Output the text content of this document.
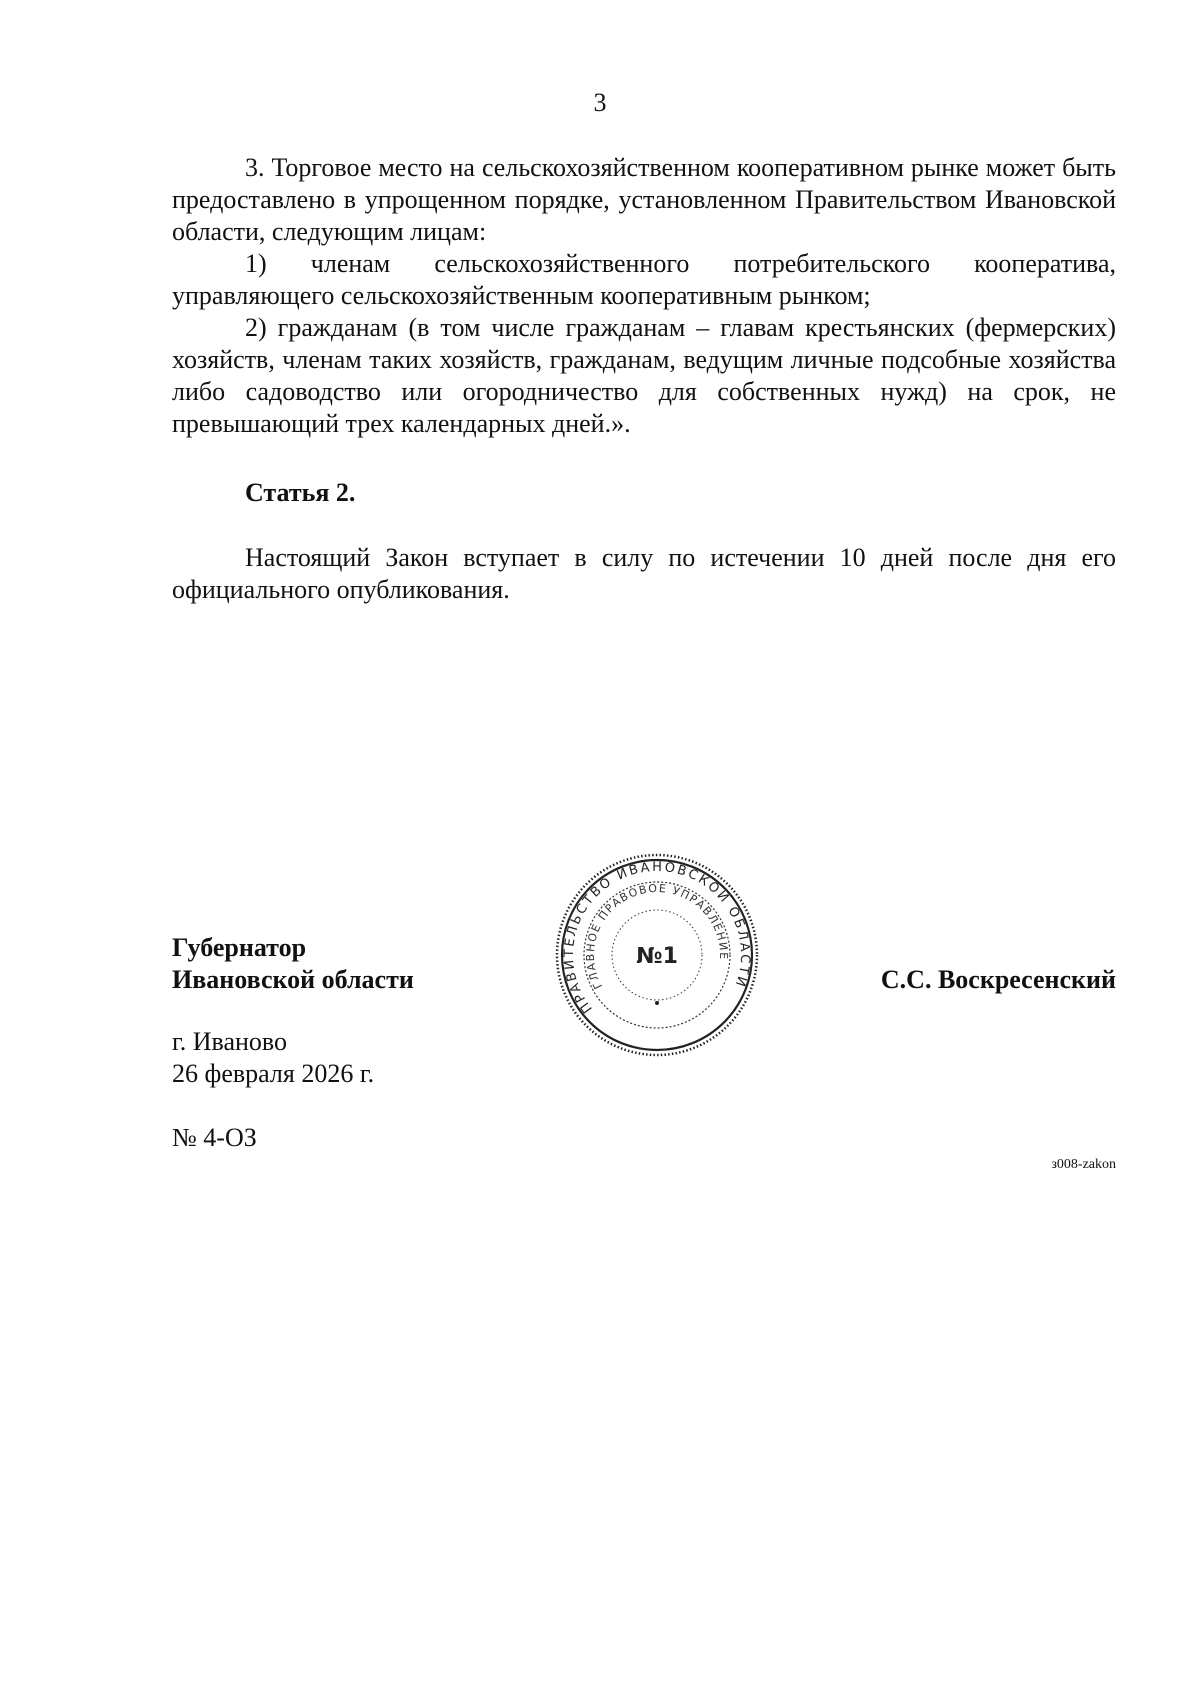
3

3. Торговое место на сельскохозяйственном кооперативном рынке может быть предоставлено в упрощенном порядке, установленном Правительством Ивановской области, следующим лицам:

1) членам сельскохозяйственного потребительского кооператива, управляющего сельскохозяйственным кооперативным рынком;

2) гражданам (в том числе гражданам – главам крестьянских (фермерских) хозяйств, членам таких хозяйств, гражданам, ведущим личные подсобные хозяйства либо садоводство или огородничество для собственных нужд) на срок, не превышающий трех календарных дней.».

Статья 2.

Настоящий Закон вступает в силу по истечении 10 дней после дня его официального опубликования.

Губернатор
Ивановской области
ПРАВИТЕЛЬСТВО ИВАНОВСКОЙ ОБЛАСТИ
ГЛАВНОЕ ПРАВОВОЕ УПРАВЛЕНИЕ
№1
С.С. Воскресенский
г. Иваново
26 февраля 2026 г.
№ 4-ОЗ
з008-zakon
